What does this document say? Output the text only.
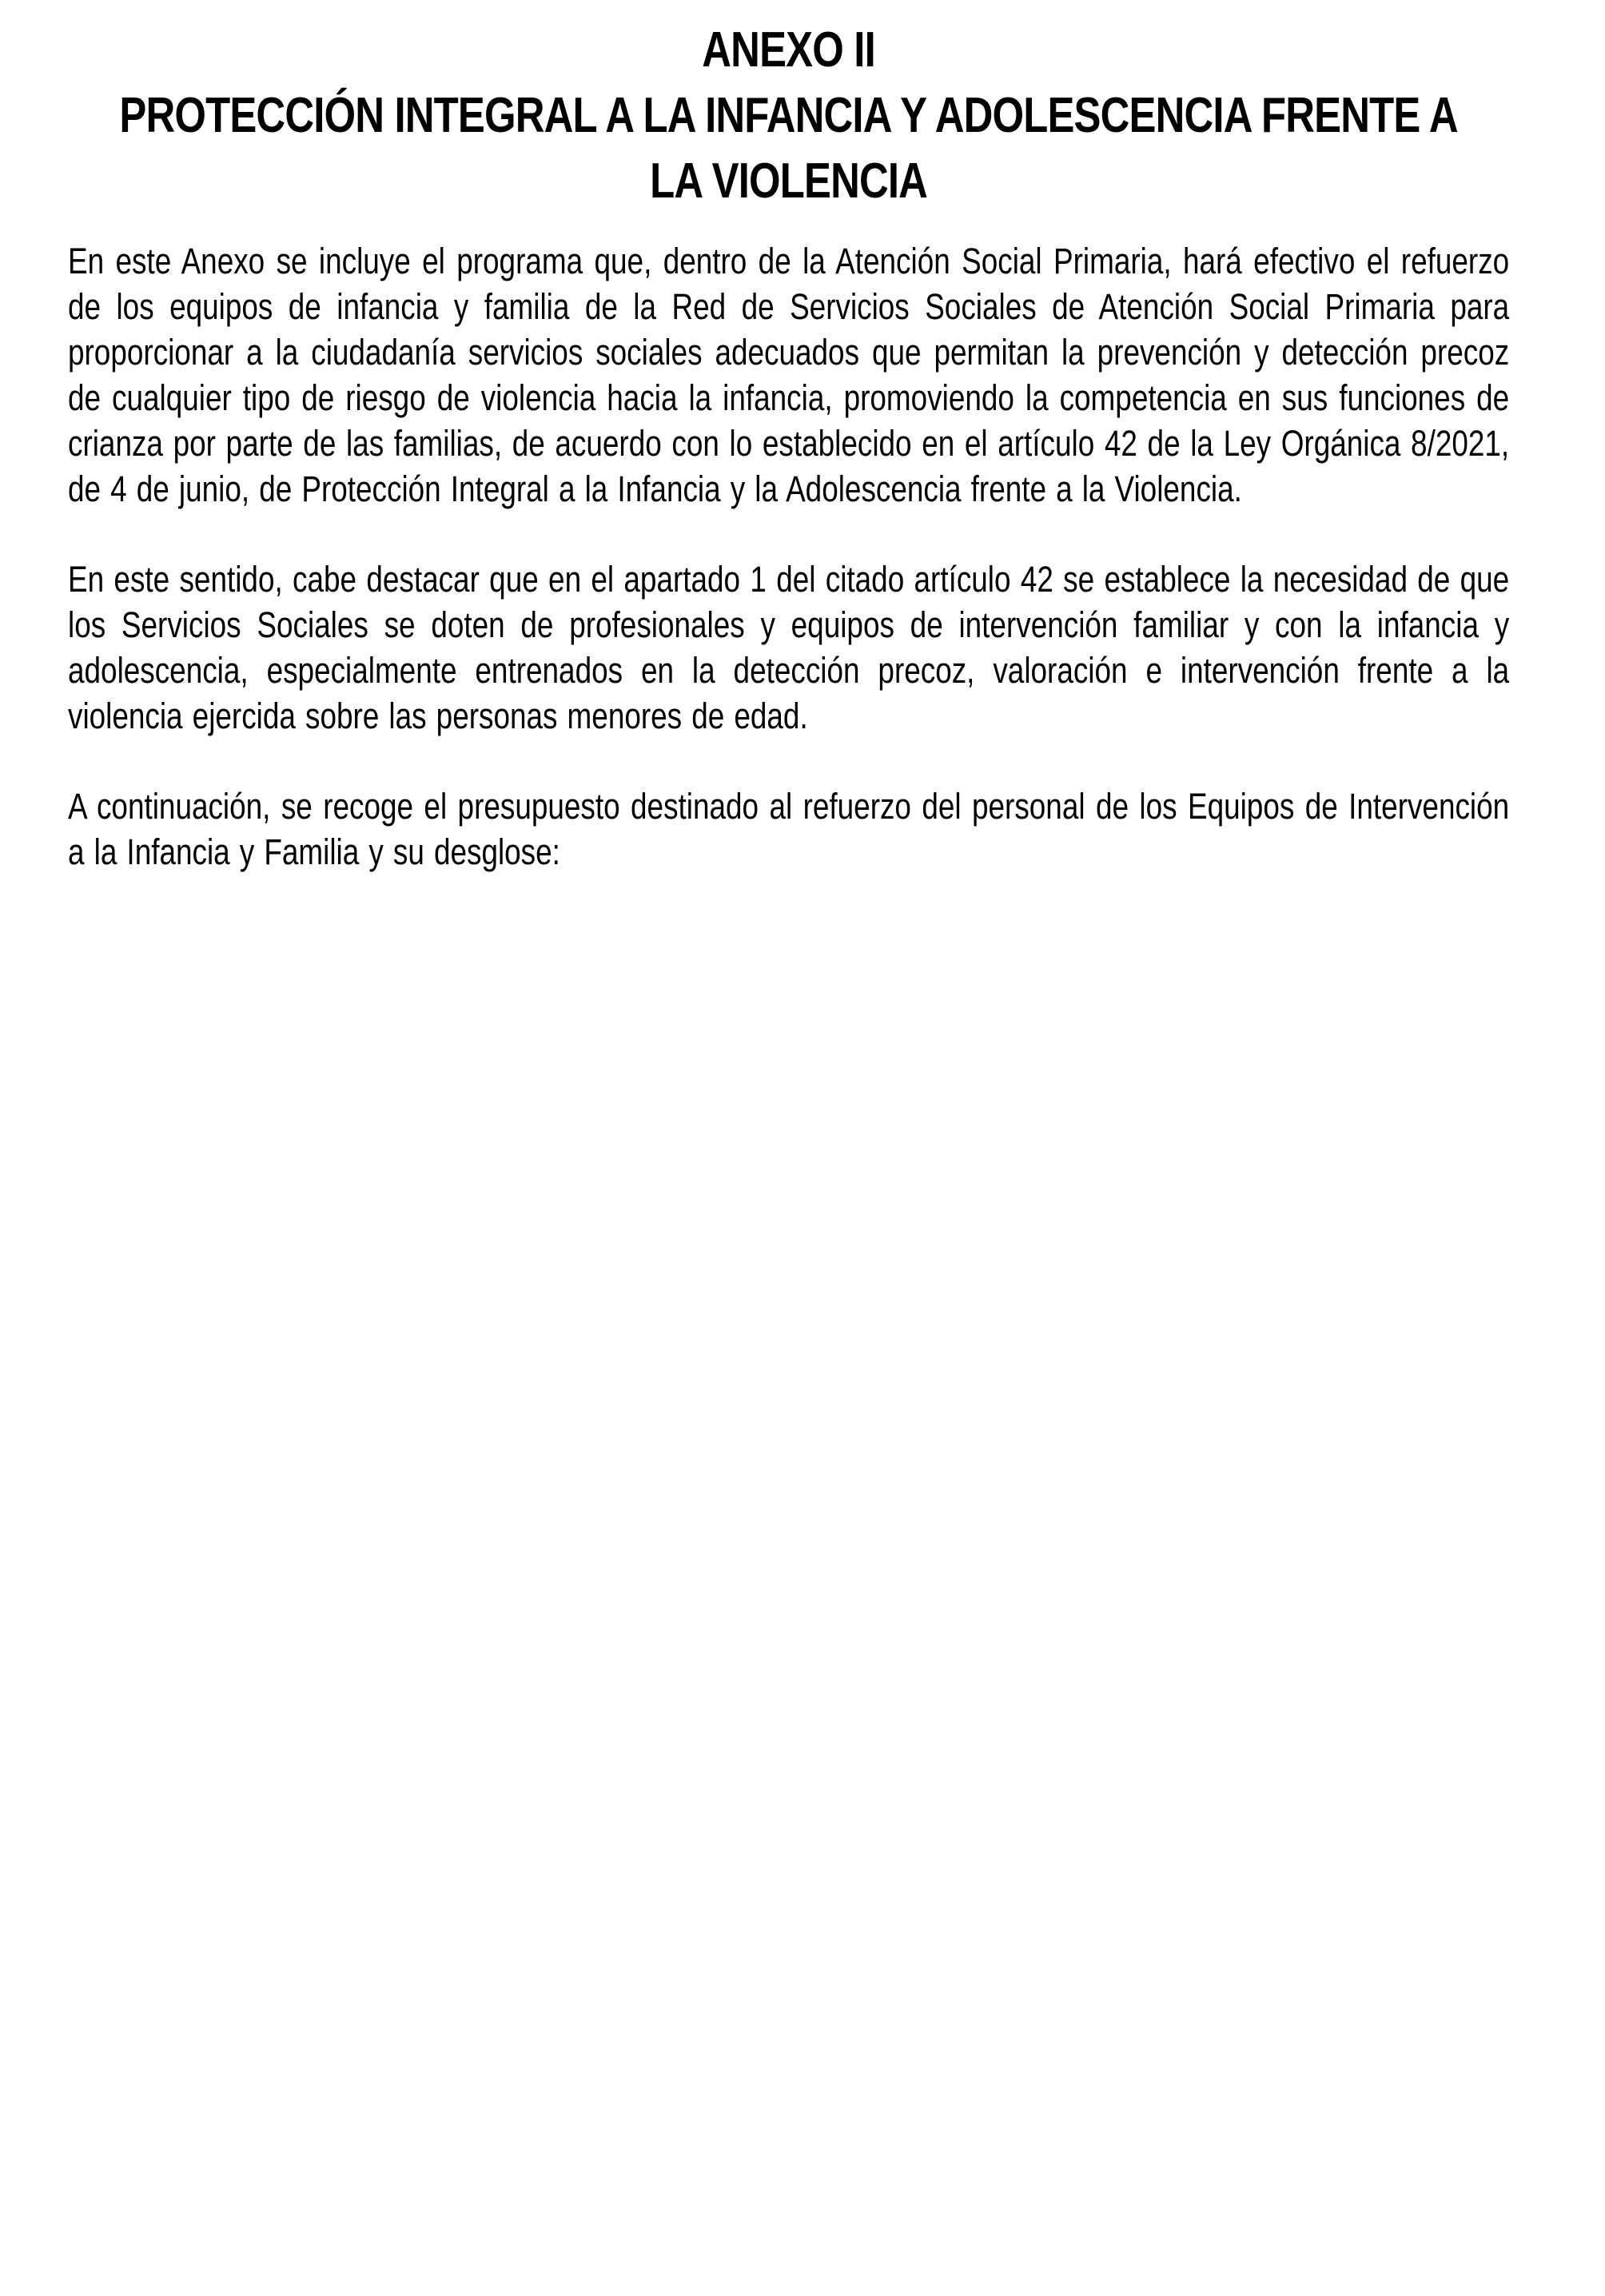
ANEXO II
PROTECCIÓN INTEGRAL A LA INFANCIA Y ADOLESCENCIA FRENTE A
LA VIOLENCIA

En este Anexo se incluye el programa que, dentro de la Atención Social Primaria, hará efectivo el refuerzo de los equipos de infancia y familia de la Red de Servicios Sociales de Atención Social Primaria para proporcionar a la ciudadanía servicios sociales adecuados que permitan la prevención y detección precoz de cualquier tipo de riesgo de violencia hacia la infancia, promoviendo la competencia en sus funciones de crianza por parte de las familias, de acuerdo con lo establecido en el artículo 42 de la Ley Orgánica 8/2021, de 4 de junio, de Protección Integral a la Infancia y la Adolescencia frente a la Violencia.

En este sentido, cabe destacar que en el apartado 1 del citado artículo 42 se establece la necesidad de que los Servicios Sociales se doten de profesionales y equipos de intervención familiar y con la infancia y adolescencia, especialmente entrenados en la detección precoz, valoración e intervención frente a la violencia ejercida sobre las personas menores de edad.

A continuación, se recoge el presupuesto destinado al refuerzo del personal de los Equipos de Intervención a la Infancia y Familia y su desglose:
